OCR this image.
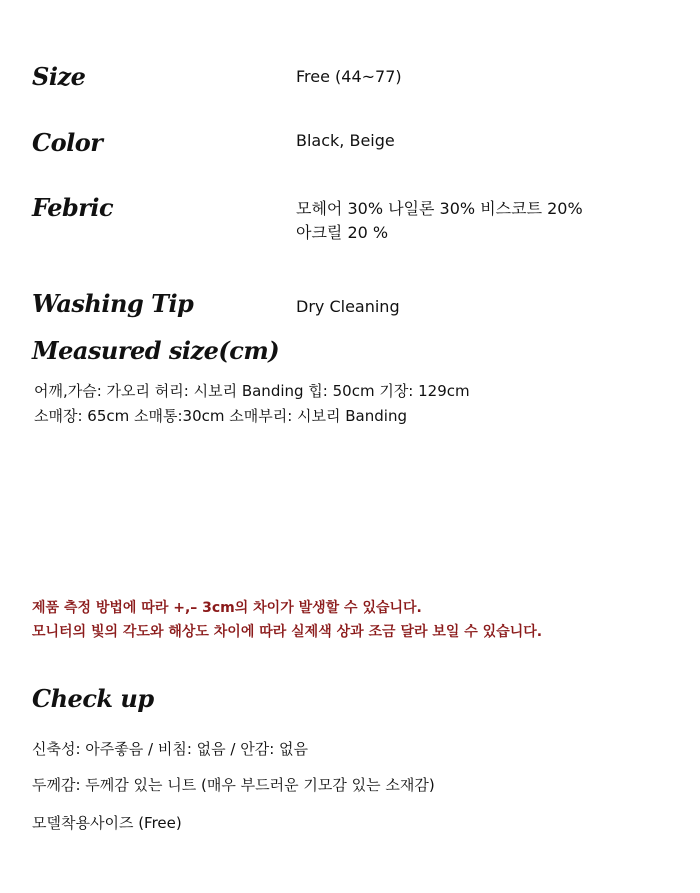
Size	Free (44~77)
Color	Black, Beige
Febric	모헤어 30% 나일론 30% 비스코트 20%
아크릴 20 %
Washing Tip	Dry Cleaning
Measured size(cm)
어깨,가슴: 가오리 허리: 시보리 Banding 힙: 50cm 기장: 129cm
소매장: 65cm 소매통:30cm 소매부리: 시보리 Banding
제품 측정 방법에 따라 +,– 3cm의 차이가 발생할 수 있습니다.
모니터의 빛의 각도와 해상도 차이에 따라 실제색 상과 조금 달라 보일 수 있습니다.
Check up
신축성: 아주좋음 / 비침: 없음 / 안감: 없음
두께감: 두께감 있는 니트 (매우 부드러운 기모감 있는 소재감)
모델착용사이즈 (Free)
